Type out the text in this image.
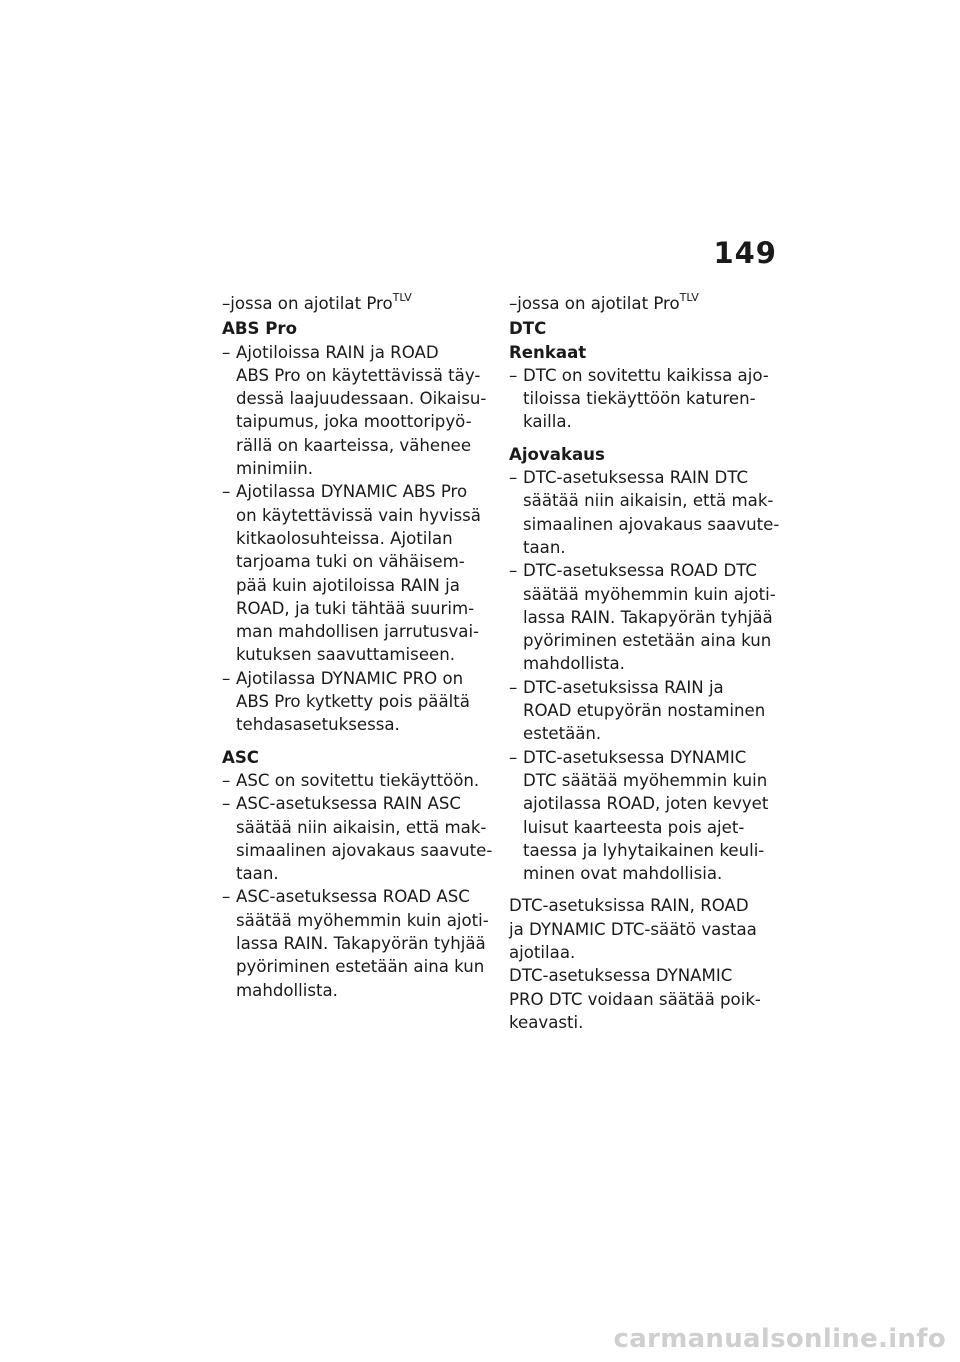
149

–jossa on ajotilat Pro$^{TLV}$

ABS Pro

– Ajotiloissa RAIN ja ROAD
ABS Pro on käytettävissä täy-
dessä laajuudessaan. Oikaisu-
taipumus, joka moottoripyö-
rällä on kaarteissa, vähenee
minimiin.
– Ajotilassa DYNAMIC ABS Pro
on käytettävissä vain hyvissä
kitkaolosuhteissa. Ajotilan
tarjoama tuki on vähäisem-
pää kuin ajotiloissa RAIN ja
ROAD, ja tuki tähtää suurim-
man mahdollisen jarrutusvai-
kutuksen saavuttamiseen.
– Ajotilassa DYNAMIC PRO on
ABS Pro kytketty pois päältä
tehdasasetuksessa.

ASC

– ASC on sovitettu tiekäyttöön.
– ASC-asetuksessa RAIN ASC
säätää niin aikaisin, että mak-
simaalinen ajovakaus saavute-
taan.
– ASC-asetuksessa ROAD ASC
säätää myöhemmin kuin ajoti-
lassa RAIN. Takapyörän tyhjää
pyöriminen estetään aina kun
mahdollista.

–jossa on ajotilat Pro$^{TLV}$

DTC

Renkaat

– DTC on sovitettu kaikissa ajo-
tiloissa tiekäyttöön katuren-
kailla.

Ajovakaus

– DTC-asetuksessa RAIN DTC
säätää niin aikaisin, että mak-
simaalinen ajovakaus saavute-
taan.
– DTC-asetuksessa ROAD DTC
säätää myöhemmin kuin ajoti-
lassa RAIN. Takapyörän tyhjää
pyöriminen estetään aina kun
mahdollista.
– DTC-asetuksissa RAIN ja
ROAD etupyörän nostaminen
estetään.
– DTC-asetuksessa DYNAMIC
DTC säätää myöhemmin kuin
ajotilassa ROAD, joten kevyet
luisut kaarteesta pois ajet-
taessa ja lyhytaikainen keuli-
minen ovat mahdollisia.
DTC-asetuksissa RAIN, ROAD
ja DYNAMIC DTC-säätö vastaa
ajotilaa.
DTC-asetuksessa DYNAMIC
PRO DTC voidaan säätää poik-
keavasti.
carmanualsonline.info
